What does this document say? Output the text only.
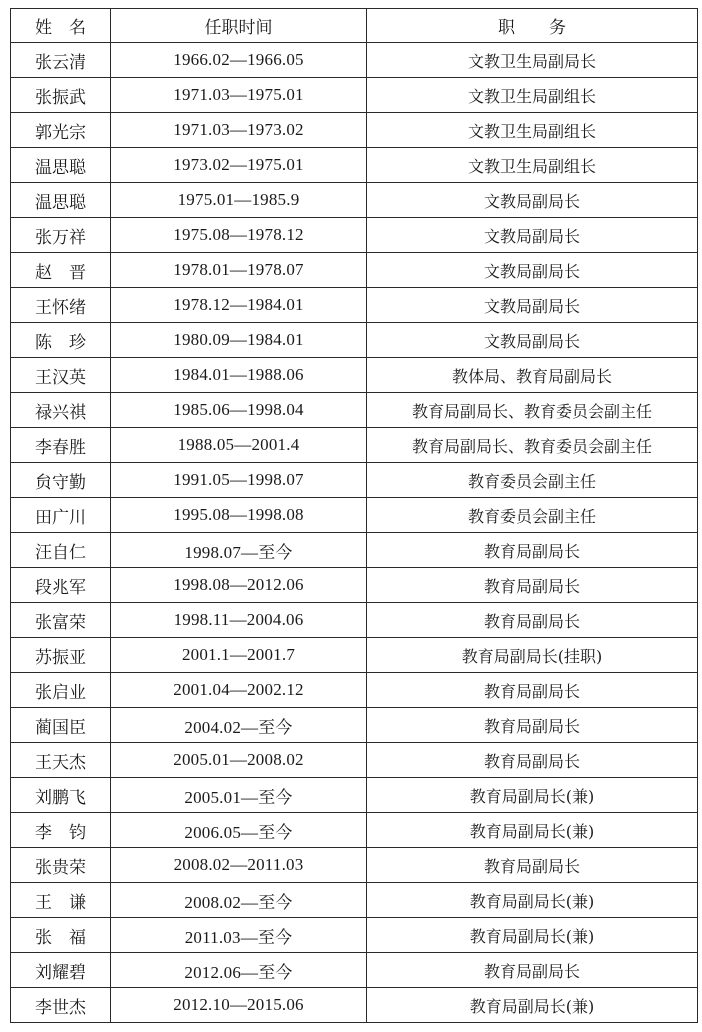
姓　名	任职时间	职　　务
张云清	1966.02—1966.05	文教卫生局副局长
张振武	1971.03—1975.01	文教卫生局副组长
郭光宗	1971.03—1973.02	文教卫生局副组长
温思聪	1973.02—1975.01	文教卫生局副组长
温思聪	1975.01—1985.9	文教局副局长
张万祥	1975.08—1978.12	文教局副局长
赵　晋	1978.01—1978.07	文教局副局长
王怀绪	1978.12—1984.01	文教局副局长
陈　珍	1980.09—1984.01	文教局副局长
王汉英	1984.01—1988.06	教体局、教育局副局长
禄兴祺	1985.06—1998.04	教育局副局长、教育委员会副主任
李春胜	1988.05—2001.4	教育局副局长、教育委员会副主任
贠守勤	1991.05—1998.07	教育委员会副主任
田广川	1995.08—1998.08	教育委员会副主任
汪自仁	1998.07—至今	教育局副局长
段兆军	1998.08—2012.06	教育局副局长
张富荣	1998.11—2004.06	教育局副局长
苏振亚	2001.1—2001.7	教育局副局长(挂职)
张启业	2001.04—2002.12	教育局副局长
蔺国臣	2004.02—至今	教育局副局长
王天杰	2005.01—2008.02	教育局副局长
刘鹏飞	2005.01—至今	教育局副局长(兼)
李　钧	2006.05—至今	教育局副局长(兼)
张贵荣	2008.02—2011.03	教育局副局长
王　谦	2008.02—至今	教育局副局长(兼)
张　福	2011.03—至今	教育局副局长(兼)
刘耀碧	2012.06—至今	教育局副局长
李世杰	2012.10—2015.06	教育局副局长(兼)
